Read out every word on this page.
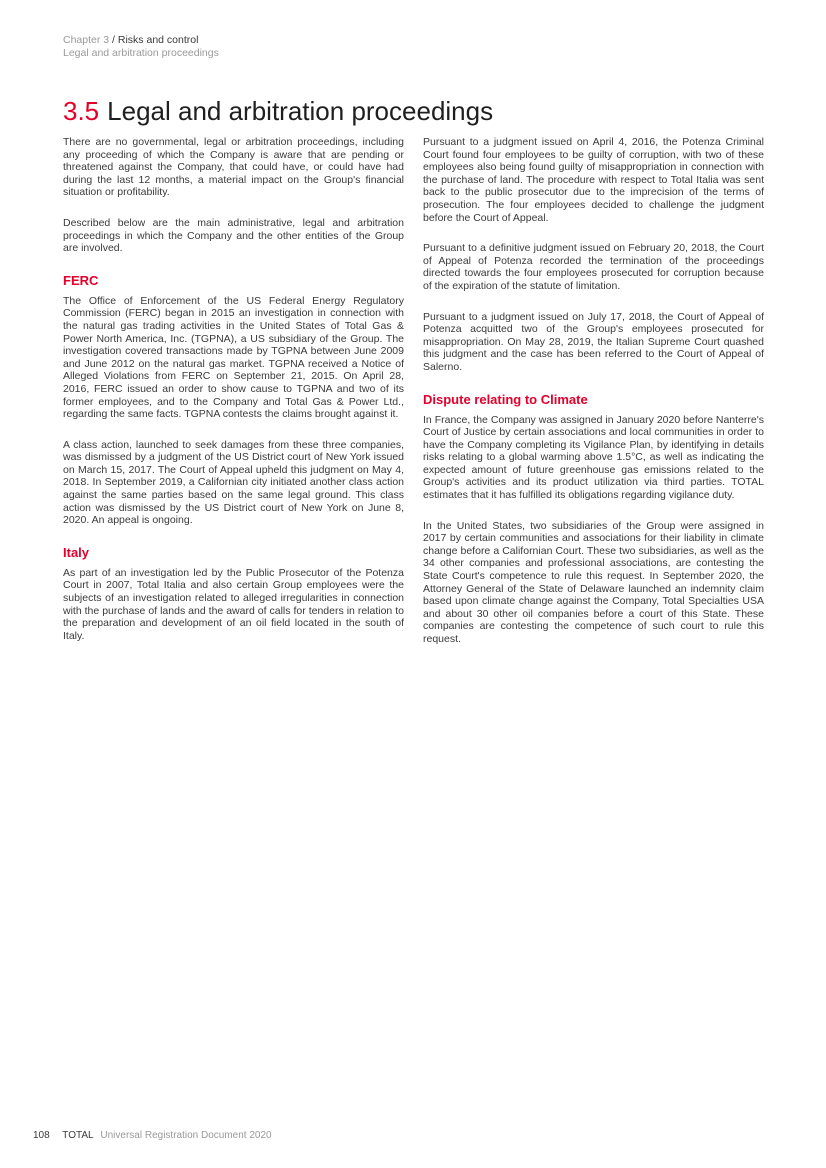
Chapter 3 / Risks and control
Legal and arbitration proceedings
3.5 Legal and arbitration proceedings

There are no governmental, legal or arbitration proceedings, including any proceeding of which the Company is aware that are pending or threatened against the Company, that could have, or could have had during the last 12 months, a material impact on the Group's financial situation or profitability.

Described below are the main administrative, legal and arbitration proceedings in which the Company and the other entities of the Group are involved.

FERC

The Office of Enforcement of the US Federal Energy Regulatory Commission (FERC) began in 2015 an investigation in connection with the natural gas trading activities in the United States of Total Gas & Power North America, Inc. (TGPNA), a US subsidiary of the Group. The investigation covered transactions made by TGPNA between June 2009 and June 2012 on the natural gas market. TGPNA received a Notice of Alleged Violations from FERC on September 21, 2015. On April 28, 2016, FERC issued an order to show cause to TGPNA and two of its former employees, and to the Company and Total Gas & Power Ltd., regarding the same facts. TGPNA contests the claims brought against it.

A class action, launched to seek damages from these three companies, was dismissed by a judgment of the US District court of New York issued on March 15, 2017. The Court of Appeal upheld this judgment on May 4, 2018. In September 2019, a Californian city initiated another class action against the same parties based on the same legal ground. This class action was dismissed by the US District court of New York on June 8, 2020. An appeal is ongoing.

Italy

As part of an investigation led by the Public Prosecutor of the Potenza Court in 2007, Total Italia and also certain Group employees were the subjects of an investigation related to alleged irregularities in connection with the purchase of lands and the award of calls for tenders in relation to the preparation and development of an oil field located in the south of Italy.

Pursuant to a judgment issued on April 4, 2016, the Potenza Criminal Court found four employees to be guilty of corruption, with two of these employees also being found guilty of misappropriation in connection with the purchase of land. The procedure with respect to Total Italia was sent back to the public prosecutor due to the imprecision of the terms of prosecution. The four employees decided to challenge the judgment before the Court of Appeal.

Pursuant to a definitive judgment issued on February 20, 2018, the Court of Appeal of Potenza recorded the termination of the proceedings directed towards the four employees prosecuted for corruption because of the expiration of the statute of limitation.

Pursuant to a judgment issued on July 17, 2018, the Court of Appeal of Potenza acquitted two of the Group's employees prosecuted for misappropriation. On May 28, 2019, the Italian Supreme Court quashed this judgment and the case has been referred to the Court of Appeal of Salerno.

Dispute relating to Climate

In France, the Company was assigned in January 2020 before Nanterre's Court of Justice by certain associations and local communities in order to have the Company completing its Vigilance Plan, by identifying in details risks relating to a global warming above 1.5°C, as well as indicating the expected amount of future greenhouse gas emissions related to the Group's activities and its product utilization via third parties. TOTAL estimates that it has fulfilled its obligations regarding vigilance duty.

In the United States, two subsidiaries of the Group were assigned in 2017 by certain communities and associations for their liability in climate change before a Californian Court. These two subsidiaries, as well as the 34 other companies and professional associations, are contesting the State Court's competence to rule this request. In September 2020, the Attorney General of the State of Delaware launched an indemnity claim based upon climate change against the Company, Total Specialties USA and about 30 other oil companies before a court of this State. These companies are contesting the competence of such court to rule this request.

108 TOTAL Universal Registration Document 2020
